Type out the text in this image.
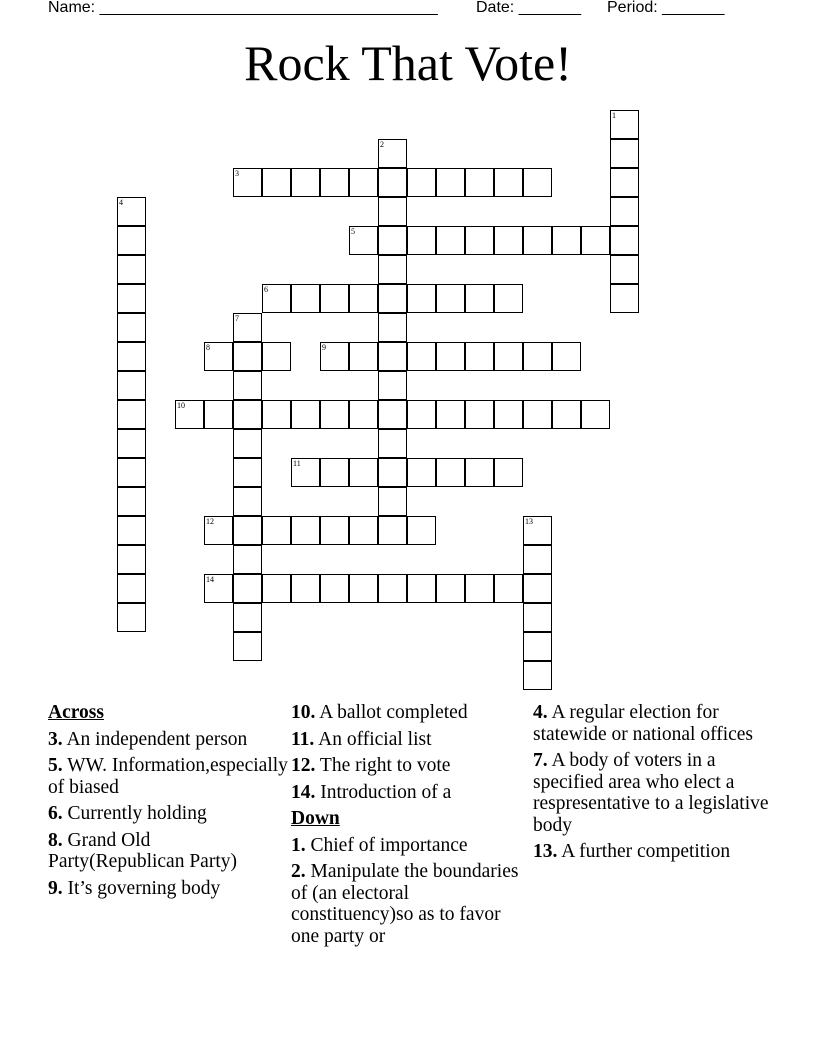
Name: ______________________________________ Date: _______ Period: _______
Rock That Vote!
1
2
3
4
5
6
7
8	9
10
11
12	13
14
Across
3. An independent person
5. WW. Information,especially of biased
6. Currently holding
8. Grand Old Party(Republican Party)
9. It’s governing body
10. A ballot completed
11. An official list
12. The right to vote
14. Introduction of a
Down
1. Chief of importance
2. Manipulate the boundaries of (an electoral constituency)so as to favor one party or
4. A regular election for statewide or national offices
7. A body of voters in a specified area who elect a respresentative to a legislative body
13. A further competition
